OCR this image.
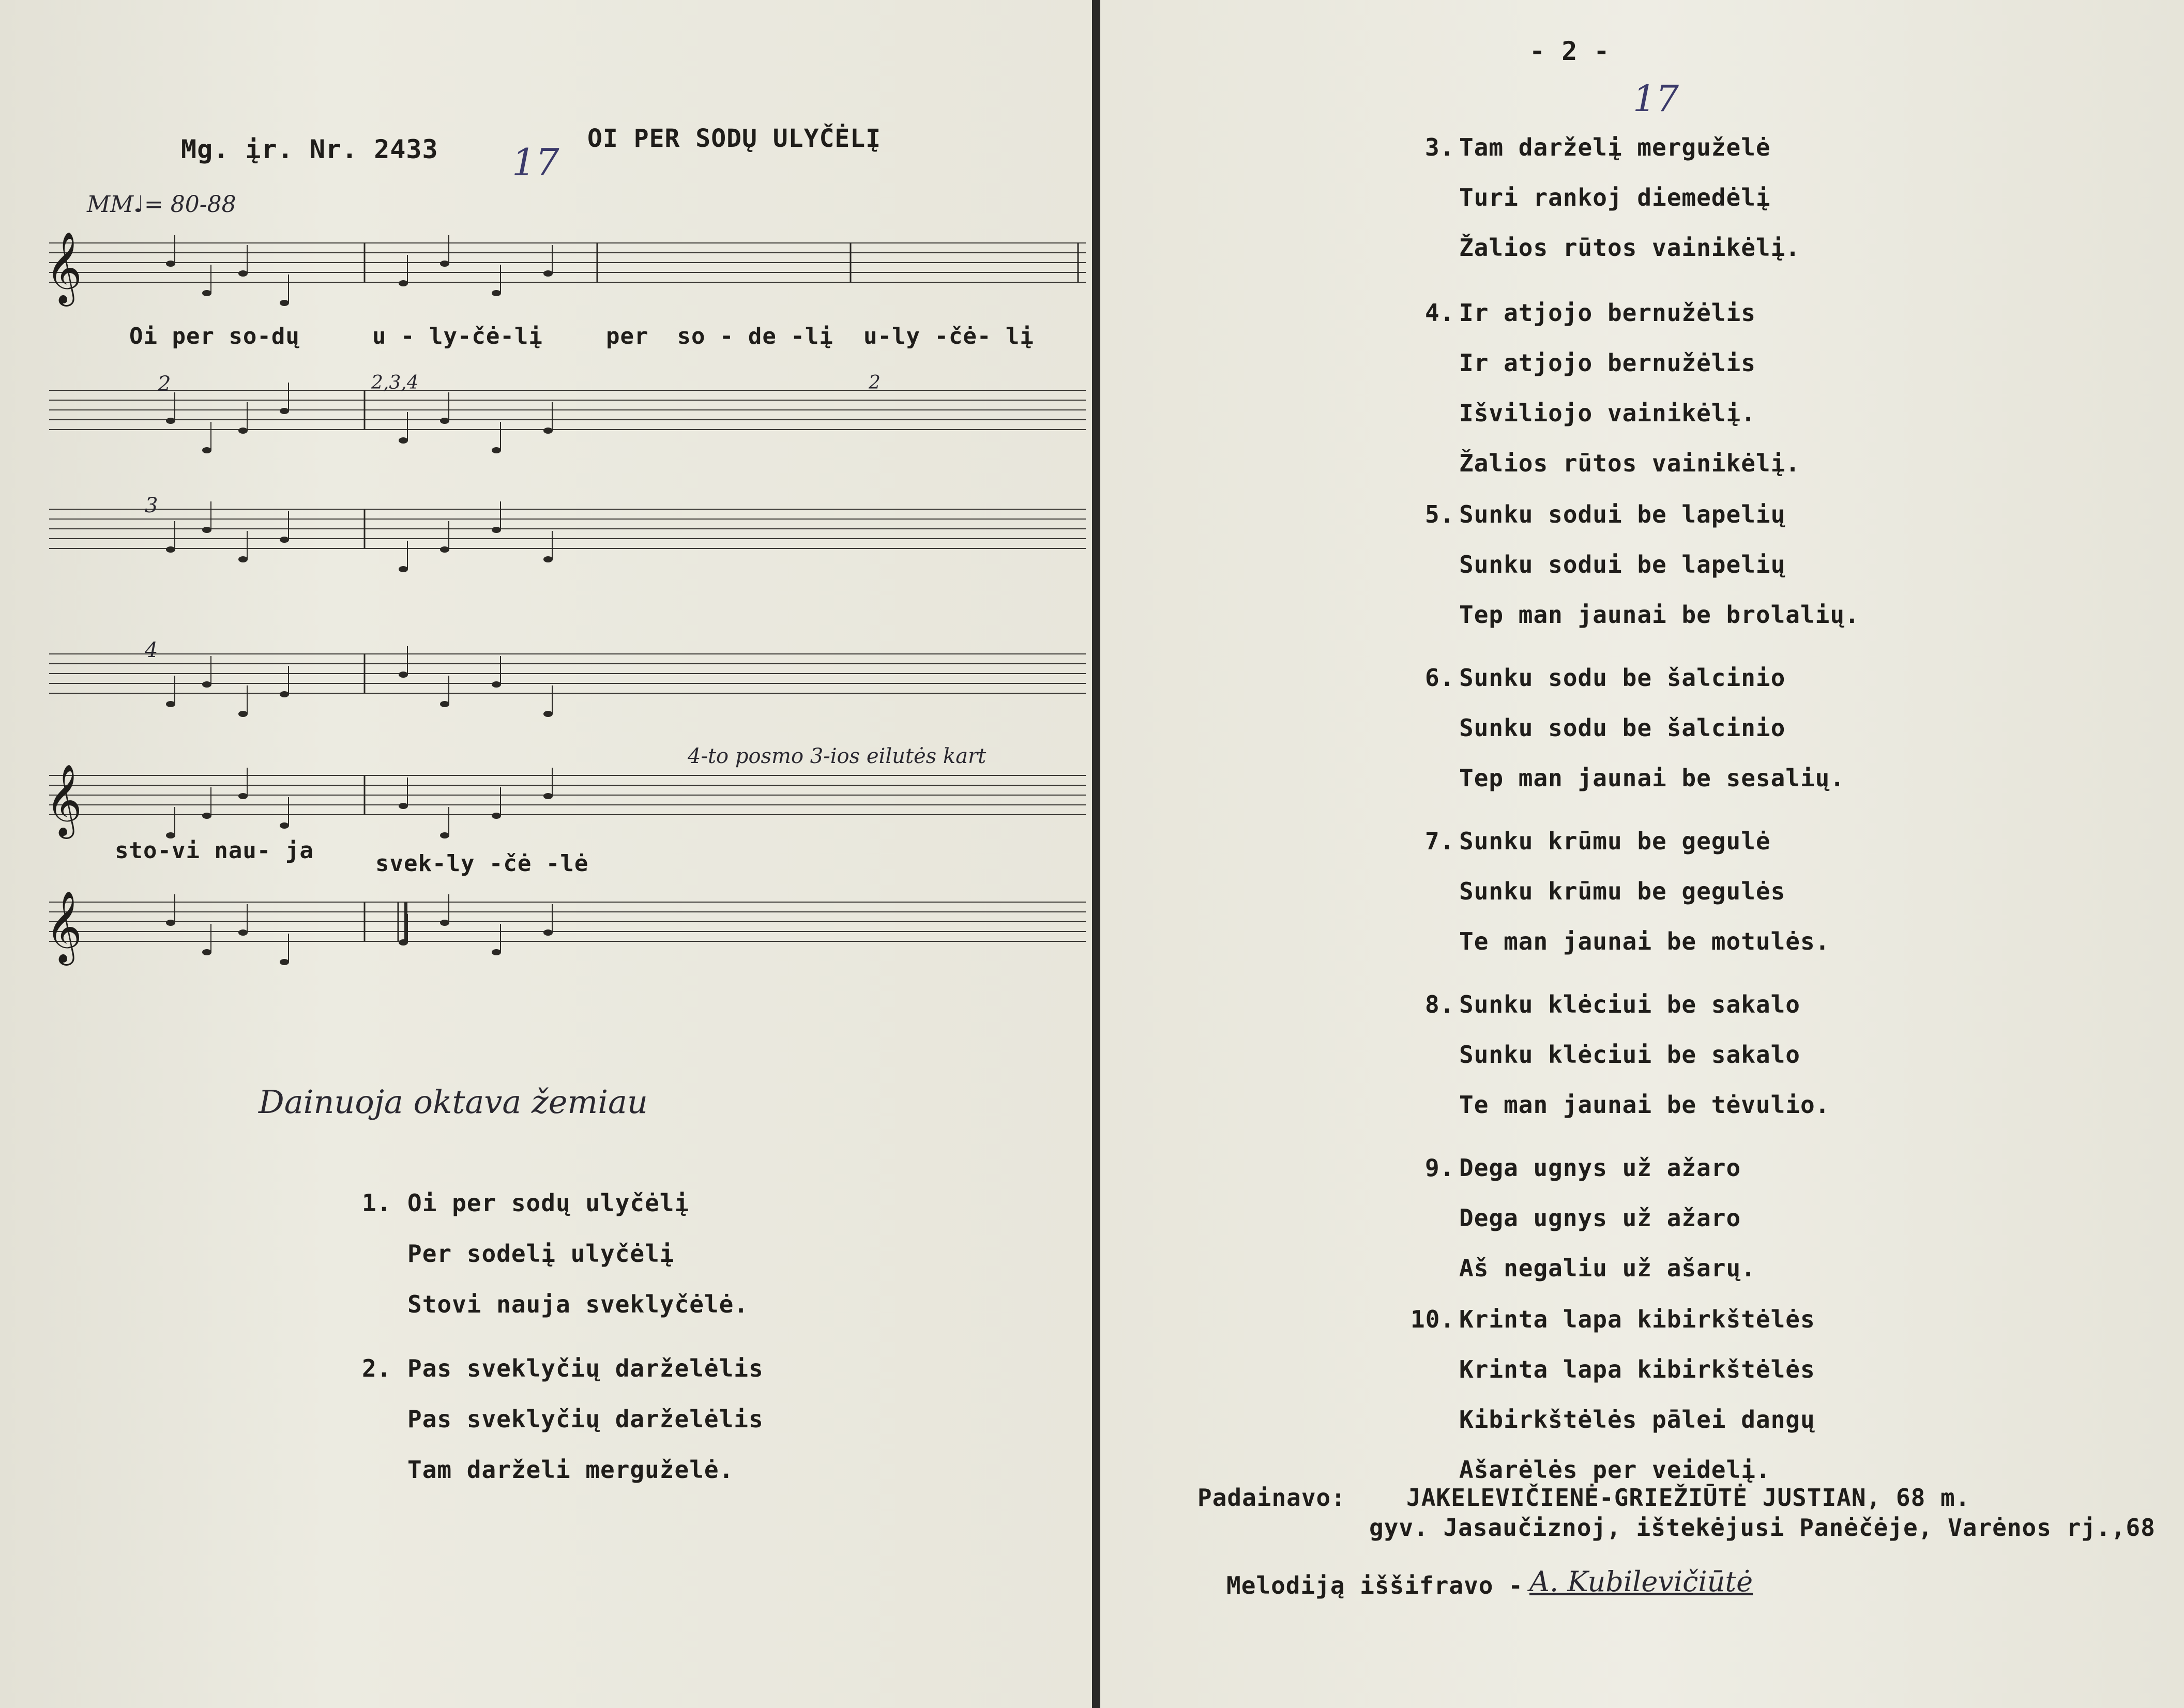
Mg. įr. Nr. 2433 17
OI PER SODŲ ULYČĖLĮ
MM♩= 80-88
𝄞
𝄞
𝄞
Oi per so-dų	u - ly-čė-lį	per  so - de -lį u-ly -čė- lį
2
3
4
2,3,4	2
4-to posmo 3-ios eilutės kart
sto-vi nau- ja	svek-ly -čė -lė
Dainuoja oktava žemiau
1. Oi per sodų ulyčėlį
Per sodelį ulyčėlį
Stovi nauja sveklyčėlė.
2. Pas sveklyčių darželėlis
Pas sveklyčių darželėlis
Tam darželi merguželė.
- 2 -
17
3. Tam darželį merguželė
Turi rankoj diemedėlį
Žalios rūtos vainikėlį.
4. Ir atjojo bernužėlis
Ir atjojo bernužėlis
Išviliojo vainikėlį.
Žalios rūtos vainikėlį.
5. Sunku sodui be lapelių
Sunku sodui be lapelių
Tep man jaunai be brolalių.
6. Sunku sodu be šalcinio
Sunku sodu be šalcinio
Tep man jaunai be sesalių.
7. Sunku krūmu be gegulė
Sunku krūmu be gegulės
Te man jaunai be motulės.
8. Sunku klėciui be sakalo
Sunku klėciui be sakalo
Te man jaunai be tėvulio.
9. Dega ugnys už ažaro
Dega ugnys už ažaro
Aš negaliu už ašarų.
10. Krinta lapa kibirkštėlės
Krinta lapa kibirkštėlės
Kibirkštėlės pālei dangų
Ašarėlės per veidelį.
Padainavo:	JAKELEVIČIENĖ-GRIEŽIŪTĖ JUSTIAN, 68 m.
gyv. Jasaučiznoj, ištekėjusi Panėčėje, Varėnos rj.,68
Melodiją iššifravo - A. Kubilevičiūtė
